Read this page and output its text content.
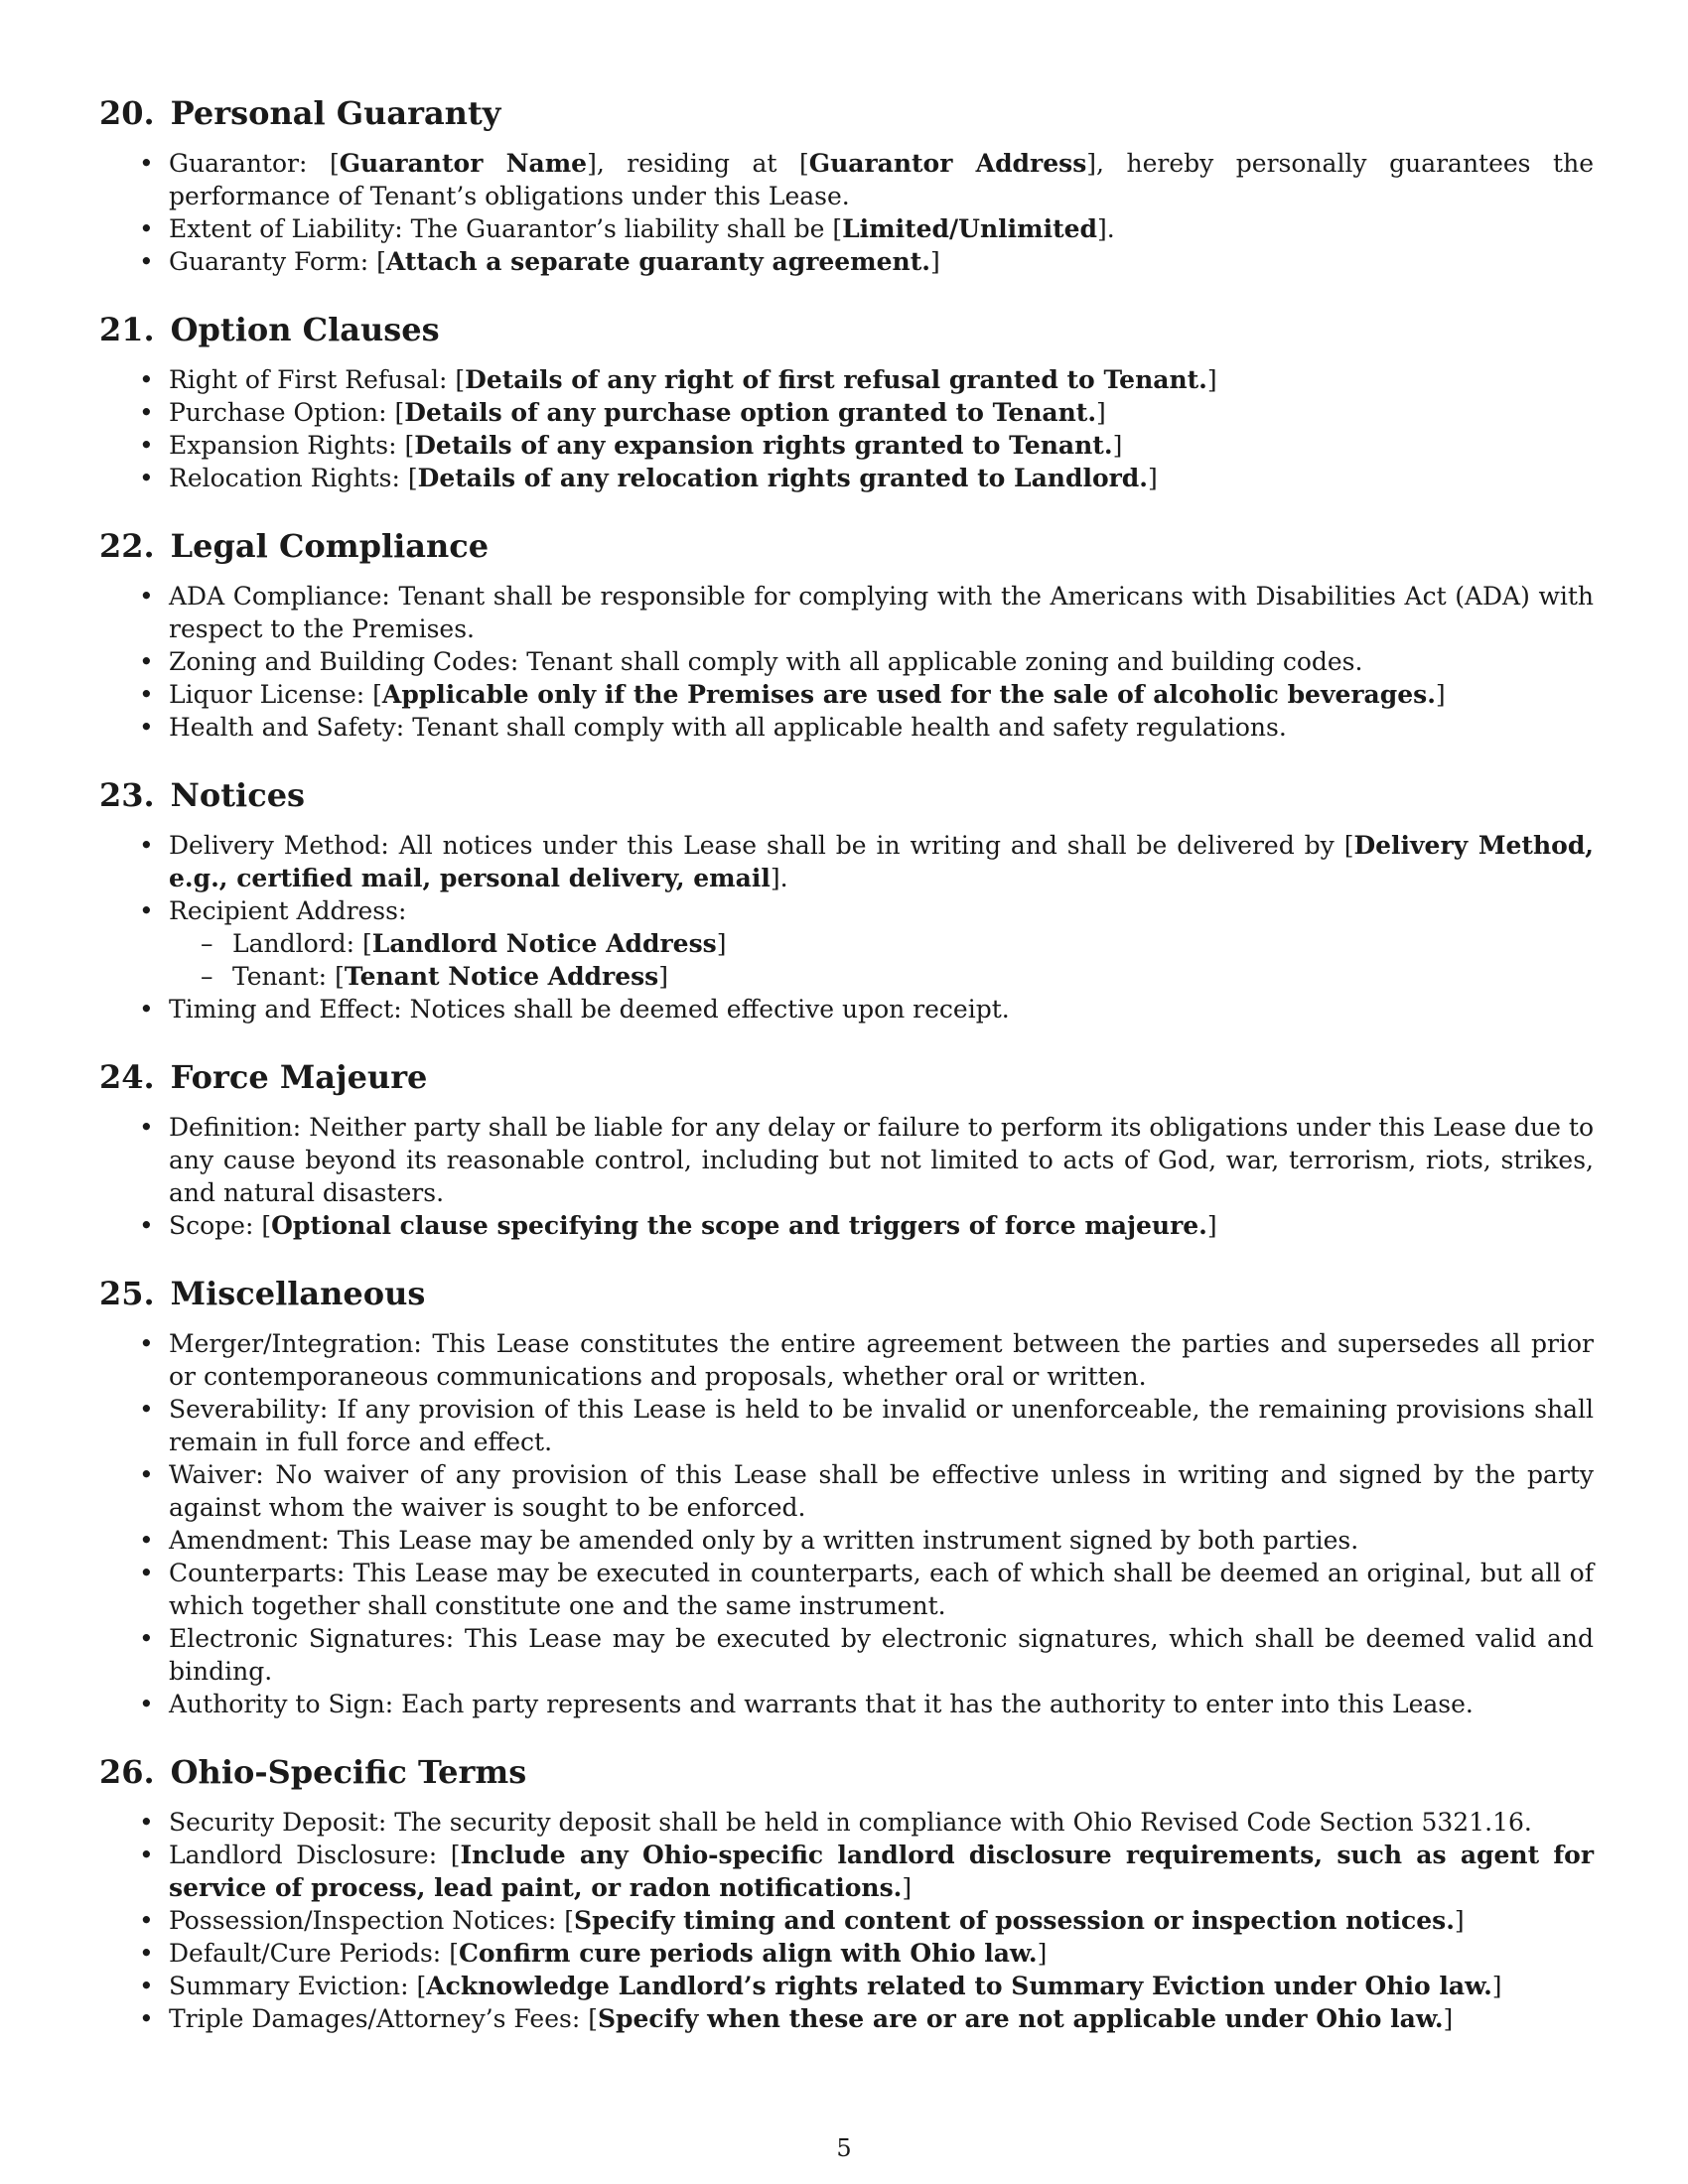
20. Personal Guaranty
• Guarantor: [Guarantor Name], residing at [Guarantor Address], hereby personally guarantees the performance of Tenant’s obligations under this Lease.
• Extent of Liability: The Guarantor’s liability shall be [Limited/Unlimited].
• Guaranty Form: [Attach a separate guaranty agreement.]
21. Option Clauses
• Right of First Refusal: [Details of any right of first refusal granted to Tenant.]
• Purchase Option: [Details of any purchase option granted to Tenant.]
• Expansion Rights: [Details of any expansion rights granted to Tenant.]
• Relocation Rights: [Details of any relocation rights granted to Landlord.]
22. Legal Compliance
• ADA Compliance: Tenant shall be responsible for complying with the Americans with Disabilities Act (ADA) with respect to the Premises.
• Zoning and Building Codes: Tenant shall comply with all applicable zoning and building codes.
• Liquor License: [Applicable only if the Premises are used for the sale of alcoholic beverages.]
• Health and Safety: Tenant shall comply with all applicable health and safety regulations.
23. Notices
• Delivery Method: All notices under this Lease shall be in writing and shall be delivered by [Delivery Method, e.g., certified mail, personal delivery, email].
• Recipient Address:
– Landlord: [Landlord Notice Address]
– Tenant: [Tenant Notice Address]
• Timing and Effect: Notices shall be deemed effective upon receipt.
24. Force Majeure
• Definition: Neither party shall be liable for any delay or failure to perform its obligations under this Lease due to any cause beyond its reasonable control, including but not limited to acts of God, war, terrorism, riots, strikes, and natural disasters.
• Scope: [Optional clause specifying the scope and triggers of force majeure.]
25. Miscellaneous
• Merger/Integration: This Lease constitutes the entire agreement between the parties and supersedes all prior or contemporaneous communications and proposals, whether oral or written.
• Severability: If any provision of this Lease is held to be invalid or unenforceable, the remaining provisions shall remain in full force and effect.
• Waiver: No waiver of any provision of this Lease shall be effective unless in writing and signed by the party against whom the waiver is sought to be enforced.
• Amendment: This Lease may be amended only by a written instrument signed by both parties.
• Counterparts: This Lease may be executed in counterparts, each of which shall be deemed an original, but all of which together shall constitute one and the same instrument.
• Electronic Signatures: This Lease may be executed by electronic signatures, which shall be deemed valid and binding.
• Authority to Sign: Each party represents and warrants that it has the authority to enter into this Lease.
26. Ohio-Specific Terms
• Security Deposit: The security deposit shall be held in compliance with Ohio Revised Code Section 5321.16.
• Landlord Disclosure: [Include any Ohio-specific landlord disclosure requirements, such as agent for service of process, lead paint, or radon notifications.]
• Possession/Inspection Notices: [Specify timing and content of possession or inspection notices.]
• Default/Cure Periods: [Confirm cure periods align with Ohio law.]
• Summary Eviction: [Acknowledge Landlord’s rights related to Summary Eviction under Ohio law.]
• Triple Damages/Attorney’s Fees: [Specify when these are or are not applicable under Ohio law.]
5
